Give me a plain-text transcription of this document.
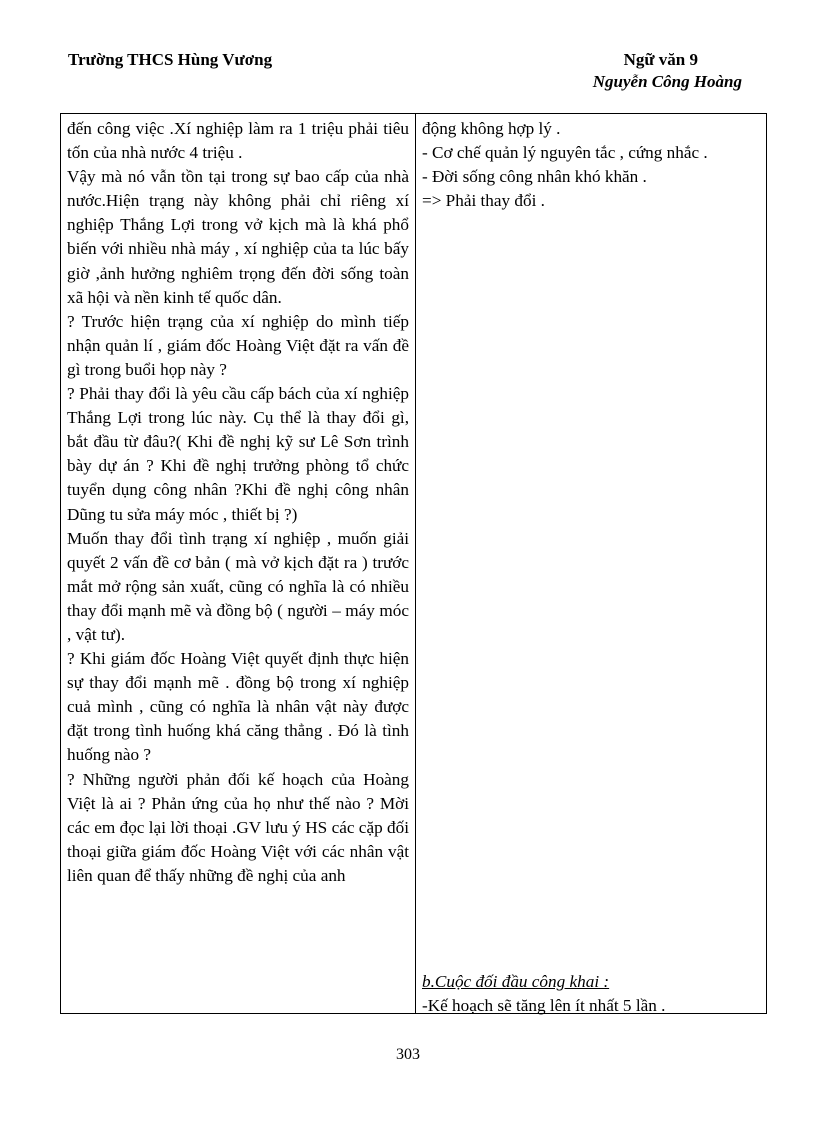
Trường THCS Hùng Vương	Ngữ văn 9
Nguyễn Công Hoàng

đến công việc .Xí nghiệp làm ra 1 triệu phải tiêu tốn của nhà nước 4 triệu .

Vậy mà nó vẫn tồn tại trong sự bao cấp của nhà nước.Hiện trạng này không phải chỉ riêng xí nghiệp Thắng Lợi trong vở kịch mà là khá phổ biến với nhiều nhà máy , xí nghiệp của ta lúc bấy giờ ,ảnh hưởng nghiêm trọng đến đời sống toàn xã hội và nền kinh tế quốc dân.

? Trước hiện trạng của xí nghiệp do mình tiếp nhận quản lí , giám đốc Hoàng Việt đặt ra vấn đề gì trong buổi họp này ?

? Phải thay đổi là yêu cầu cấp bách của xí nghiệp Thắng Lợi trong lúc này. Cụ thể là thay đổi gì, bắt đầu từ đâu?( Khi đề nghị kỹ sư Lê Sơn trình bày dự án ? Khi đề nghị trưởng phòng tổ chức tuyển dụng công nhân ?Khi đề nghị công nhân Dũng tu sửa máy móc , thiết bị ?)

Muốn thay đổi tình trạng xí nghiệp , muốn giải quyết 2 vấn đề cơ bản ( mà vở kịch đặt ra ) trước mắt mở rộng sản xuất, cũng có nghĩa là có nhiều thay đổi mạnh mẽ và đồng bộ ( người – máy móc , vật tư).

? Khi giám đốc Hoàng Việt quyết định thực hiện sự thay đổi mạnh mẽ . đồng bộ trong xí nghiệp cuả mình , cũng có nghĩa là nhân vật này được đặt trong tình huống khá căng thẳng . Đó là tình huống nào ?

? Những người phản đối kế hoạch của Hoàng Việt là ai ? Phản ứng của họ như thế nào ? Mời các em đọc lại lời thoại .GV lưu ý HS các cặp đối thoại giữa giám đốc Hoàng Việt với các nhân vật liên quan để thấy những đề nghị của anh

động không hợp lý .
- Cơ chế quản lý nguyên tắc , cứng nhắc .
- Đời sống công nhân khó khăn .
=> Phải thay đổi .
b.Cuộc đối đầu công khai :
-Kế hoạch sẽ tăng lên ít nhất 5 lần .
303
